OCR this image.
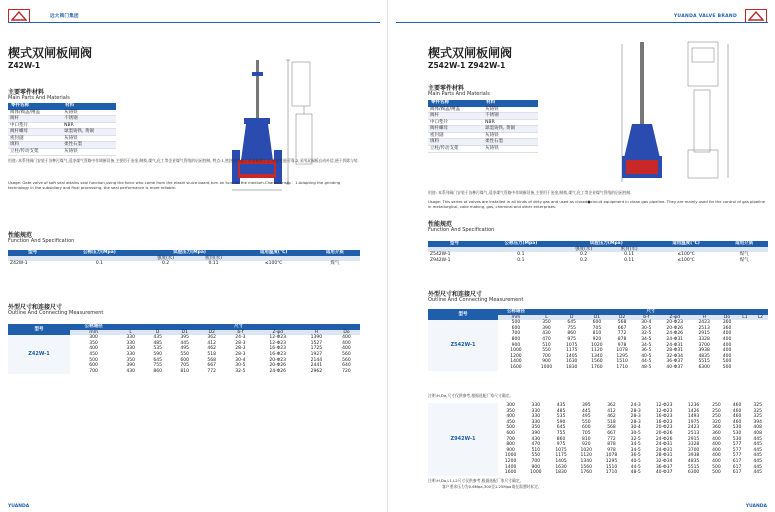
远大阀门集团
楔式双闸板闸阀
Z42W-1
主要零件材料
Main Parts And Materials
零件名称	材料
阀体/阀盖/闸盖	灰铸铁
阀杆	不锈钢
中口垫片	NBR
阀杆螺母	球墨铸铁, 黄铜
密封副	灰铸铁
填料	柔性石墨
立柱/传动支架	灰铸铁
用途: 本系列阀门安装于各种污煤气,适净煤气管路中作调断设备,主要用于冶金,制换,煤气,化工等企业煤气管线的启闭控制, 特点:1,密封副经加工采用研磨工艺,密封性能可靠.2,采用双阀板自动补偿,便于拆除与装.
Usage: Gate valve of soft seal attains seal function,using the force who come from the elastil sluice board,turn on turn off the medium.Characteristic：1.Adopting the grinding technology in the subsidiary and final processing, the seal performance is more reliable.
性能规范
Function And Specification
型号	公称压力(Mpa)	试验压力(Mpa)		适用温度(℃)	适用介质
		强度(水)	密封(水)		
Z42W-1	0.1	0.2	0.11	≤100℃	煤气
外型尺寸和连接尺寸
Outline And Connecting Measurement
型号	公称通径	尺寸							
	mm	L	D	D1	D2	b-f	Z-φd	H	Do
Z42W-1	300	330	435	395	362	24-3	12-Φ23	1390	400
	350	330	485	445	412	28-3	12-Φ23	1527	400
	400	330	535	495	462	28-3	16-Φ23	1725	400
	450	330	590	550	518	28-3	16-Φ23	1927	560
	500	350	645	600	568	30-4	20-Φ23	2144	560
	600	390	755	705	667	30-5	20-Φ26	2441	640
	700	430	860	810	772	32-5	24-Φ26	2962	720
YUANDA
YUANDA VALVE BRAND
楔式双闸板闸阀
Z542W-1 Z942W-1
主要零件材料
Main Parts And Materials
零件名称	材料
阀体/阀盖/闸盖	灰铸铁
阀杆	不锈钢
中口垫片	NBR
阀杆螺母	球墨铸铁, 黄铜
密封副	灰铸铁
填料	柔性石墨
立柱/传动支架	灰铸铁
用途: 本系列阀门安装于各种污煤气,适净煤气管路中作调断设备,主要用于冶金,制换,煤气,化工等企业煤气管线的启闭控制.
Usage: This series of valves are installed in all kinds of dirty gas and used as closed●circuit equipment in clean gas pipeline. They are mainly used for the control of gas pipeline in metallurgical, coke making, gas, chemical and other enterprises.
性能规范
Function And Specification
型号	公称压力(Mpa)	试验压力(Mpa)		适用温度(℃)	适用介质
		强度(水)	密封(水)		
Z542W-1	0.1	0.2	0.11	≤100℃	煤气
Z942W-1	0.1	0.2	0.11	≤100℃	煤气
外型尺寸和连接尺寸
Outline And Connecting Measurement
型号	公称通径	尺寸									
	mm	L	D	D1	D2	b-f	Z-φd	H	Do	L1	L2
Z542W-1	500	350	645	600	568	30-4	20-Φ23	2423	360		
	600	390	755	705	667	30-5	20-Φ26	2513	360		
	700	430	860	810	772	32-5	24-Φ26	2915	400		
	800	470	975	920	878	34-5	24-Φ31	3328	400		
	900	510	1075	1020	978	34-5	24-Φ31	3700	400		
	1000	550	1175	1120	1078	36-5	28-Φ31	3938	400		
	1200	700	1405	1340	1295	40-5	32-Φ34	4835	400		
	1400	900	1630	1560	1510	44-5	36-Φ37	5515	500		
	1600	1000	1830	1760	1710	48-5	40-Φ37	6300	500		
注明:H,Do,尺寸仅供参考,根据选配厂家尺寸确定。
Z942W-1	300	330	435	395	362	24-3	12-Φ23	1236	250	460	325
	350	330	485	445	412	28-3	12-Φ23	1426	250	460	325
	400	330	535	495	462	28-3	16-Φ23	1493	250	460	325
	450	330	590	550	518	28-3	16-Φ23	1975	320	460	394
	500	350	645	600	568	30-4	20-Φ23	2423	360	530	408
	600	390	755	705	667	30-5	20-Φ26	2513	360	530	408
	700	430	860	810	772	32-5	24-Φ26	2915	400	530	445
	800	470	975	920	878	34-5	24-Φ31	3328	400	577	445
	900	510	1075	1020	978	34-5	24-Φ31	3700	400	577	445
	1000	550	1175	1120	1078	36-5	28-Φ31	3938	400	577	445
	1200	700	1405	1340	1295	40-5	32-Φ34	4835	400	617	445
	1400	900	1630	1560	1510	44-5	36-Φ37	5515	500	617	445
	1600	1000	1830	1760	1710	48-5	40-Φ37	6300	500	617	445
注明:H,Do,L1,L2尺寸仅供参考,根据选配厂家尺寸确定。
客户要求压力为0.6Mpa,300至1.25Mpa请在需要时标定。
YUANDA
